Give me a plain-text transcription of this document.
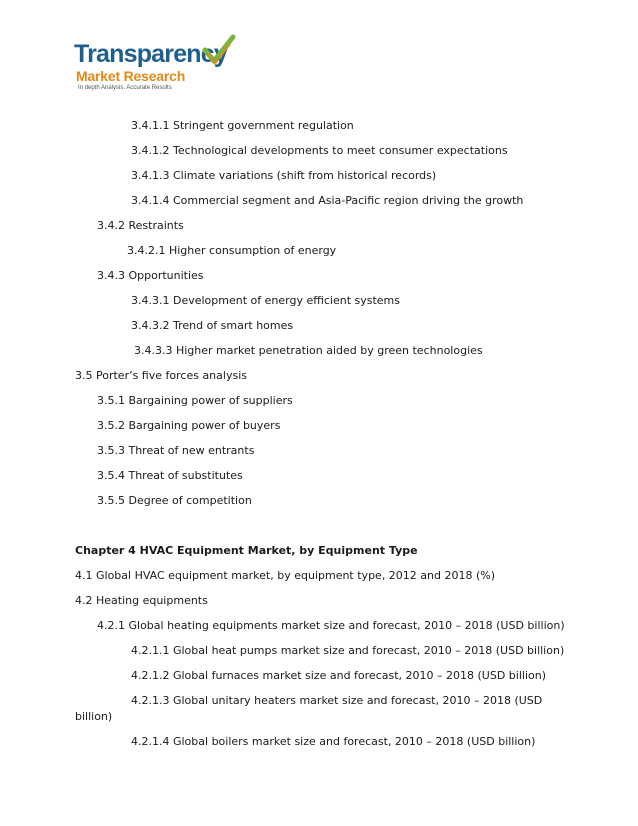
Transparency
Market Research
In depth Analysis. Accurate Results
3.4.1.1 Stringent government regulation
3.4.1.2 Technological developments to meet consumer expectations
3.4.1.3 Climate variations (shift from historical records)
3.4.1.4 Commercial segment and Asia-Pacific region driving the growth
3.4.2 Restraints
3.4.2.1 Higher consumption of energy
3.4.3 Opportunities
3.4.3.1 Development of energy efficient systems
3.4.3.2 Trend of smart homes
3.4.3.3 Higher market penetration aided by green technologies
3.5 Porter’s five forces analysis
3.5.1 Bargaining power of suppliers
3.5.2 Bargaining power of buyers
3.5.3 Threat of new entrants
3.5.4 Threat of substitutes
3.5.5 Degree of competition
Chapter 4 HVAC Equipment Market, by Equipment Type
4.1 Global HVAC equipment market, by equipment type, 2012 and 2018 (%)
4.2 Heating equipments
4.2.1 Global heating equipments market size and forecast, 2010 – 2018 (USD billion)
4.2.1.1 Global heat pumps market size and forecast, 2010 – 2018 (USD billion)
4.2.1.2 Global furnaces market size and forecast, 2010 – 2018 (USD billion)
4.2.1.3 Global unitary heaters market size and forecast, 2010 – 2018 (USD
billion)
4.2.1.4 Global boilers market size and forecast, 2010 – 2018 (USD billion)
